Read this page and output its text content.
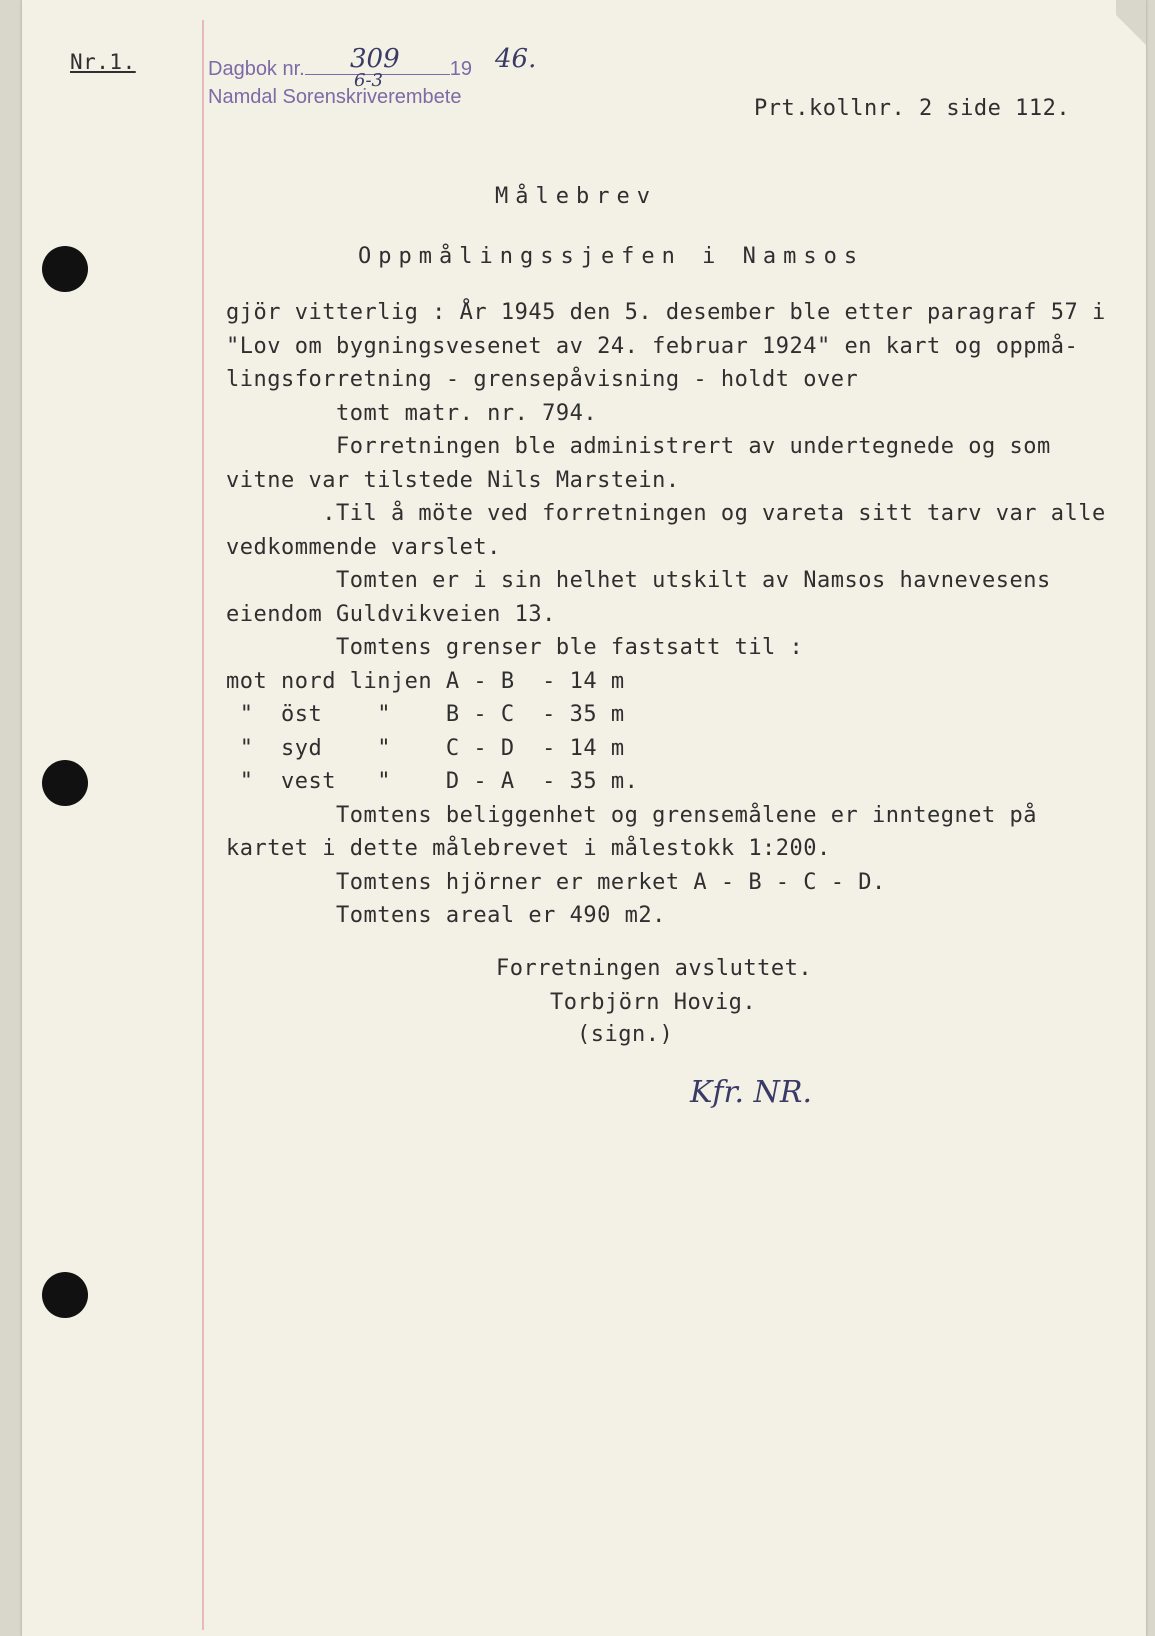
Nr.1.	Dagbok nr.	19
Namdal Sorenskriverembete
309
6-3
46.
Prt.kollnr. 2 side 112.
Målebrev
Oppmålingssjefen i Namsos
gjör vitterlig : År 1945 den 5. desember ble etter paragraf 57 i
"Lov om bygningsvesenet av 24. februar 1924" en kart og oppmå-
lingsforretning - grensepåvisning - holdt over
tomt matr. nr. 794.
Forretningen ble administrert av undertegnede og som
vitne var tilstede Nils Marstein.
.Til å möte ved forretningen og vareta sitt tarv var alle
vedkommende varslet.
Tomten er i sin helhet utskilt av Namsos havnevesens
eiendom Guldvikveien 13.
Tomtens grenser ble fastsatt til :
mot nord linjen A - B  - 14 m
"  öst    "    B - C  - 35 m
"  syd    "    C - D  - 14 m
"  vest   "    D - A  - 35 m.
Tomtens beliggenhet og grensemålene er inntegnet på
kartet i dette målebrevet i målestokk 1:200.
Tomtens hjörner er merket A - B - C - D.
Tomtens areal er 490 m2.
Forretningen avsluttet.
Torbjörn Hovig.
(sign.)
Kfr. NR.
